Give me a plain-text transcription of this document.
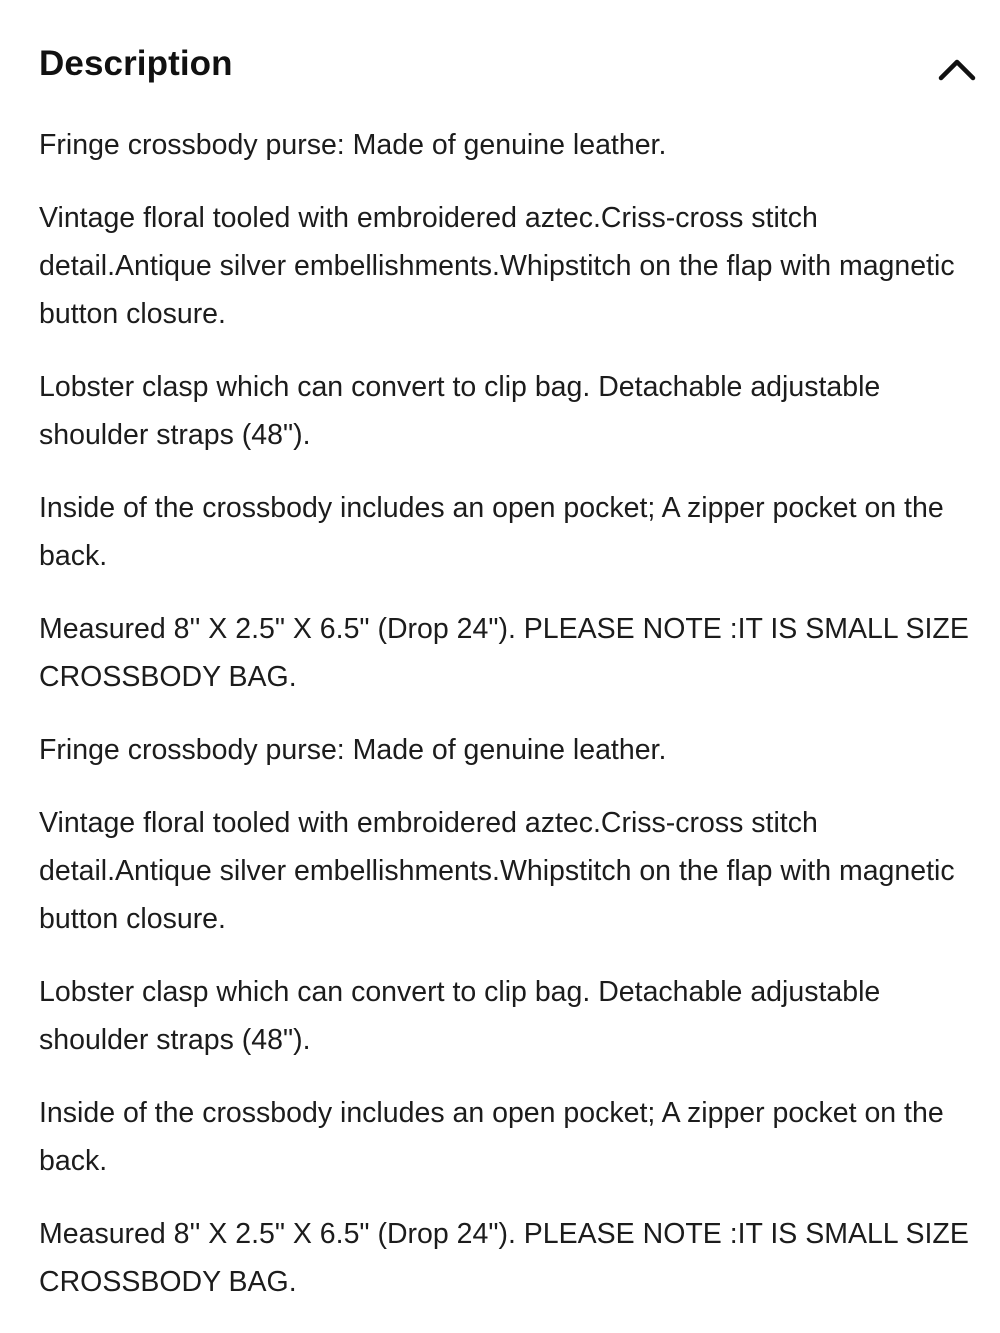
Description

Fringe crossbody purse: Made of genuine leather.

Vintage floral tooled with embroidered aztec.Criss-cross stitch detail.Antique silver embellishments.Whipstitch on the flap with magnetic button closure.

Lobster clasp which can convert to clip bag. Detachable adjustable shoulder straps (48").

Inside of the crossbody includes an open pocket; A zipper pocket on the back.

Measured 8'' X 2.5" X 6.5" (Drop 24"). PLEASE NOTE :IT IS SMALL SIZE CROSSBODY BAG.

Fringe crossbody purse: Made of genuine leather.

Vintage floral tooled with embroidered aztec.Criss-cross stitch detail.Antique silver embellishments.Whipstitch on the flap with magnetic button closure.

Lobster clasp which can convert to clip bag. Detachable adjustable shoulder straps (48").

Inside of the crossbody includes an open pocket; A zipper pocket on the back.

Measured 8'' X 2.5" X 6.5" (Drop 24"). PLEASE NOTE :IT IS SMALL SIZE CROSSBODY BAG.
